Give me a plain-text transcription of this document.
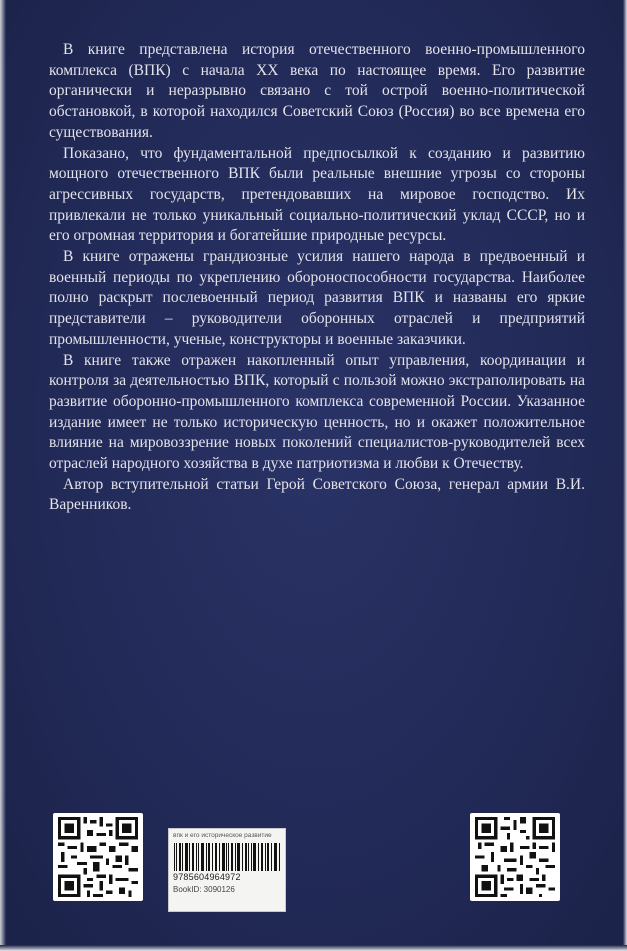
В книге представлена история отечественного военно-промышленного комплекса (ВПК) с начала XX века по настоящее время. Его развитие органически и неразрывно связано с той острой военно-политической обстановкой, в которой находился Советский Союз (Россия) во все времена его существования.

Показано, что фундаментальной предпосылкой к созданию и развитию мощного отечественного ВПК были реальные внешние угрозы со стороны агрессивных государств, претендовавших на мировое господство. Их привлекали не только уникальный социально-политический уклад СССР, но и его огромная территория и богатейшие природные ресурсы.

В книге отражены грандиозные усилия нашего народа в предвоенный и военный периоды по укреплению обороноспособности государства. Наиболее полно раскрыт послевоенный период развития ВПК и названы его яркие представители – руководители оборонных отраслей и предприятий промышленности, ученые, конструкторы и военные заказчики.

В книге также отражен накопленный опыт управления, координации и контроля за деятельностью ВПК, который с пользой можно экстраполировать на развитие оборонно-промышленного комплекса современной России. Указанное издание имеет не только историческую ценность, но и окажет положительное влияние на мировоззрение новых поколений специалистов-руководителей всех отраслей народного хозяйства в духе патриотизма и любви к Отечеству.

Автор вступительной статьи Герой Советского Союза, генерал армии В.И. Варенников.

впк и его историческое развитие
9785604964972
BookID: 3090126
